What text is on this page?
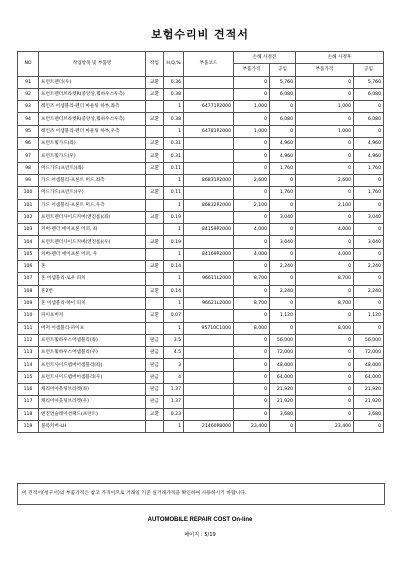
보험수리비 견적서
NO	작업항목 및 부품명	작업	H,Q,%	부품코드	손해 사정전		손해 사정후	
					부품가격	공임	부품가격	공임
91	프런트펜더(우)	교환	0.36		0	5,760	0	5,760
92	프런트펜더브라켓R(중앙상,휠하우스우측)	교환	0.38		0	6,080	0	6,080
93	레인즈 어셈블리-펜더 마운팅 하부,좌측		1	64771P2000	1,000	0	1,000	0
94	프런트펜더브라켓R(중앙상,휠하우스우측)	교환	0.38		0	6,080	0	6,080
95	레인즈 어셈블리-펜더 마운팅 하부,우측		1	64781P2000	1,000	0	1,000	0
96	프런트휠가드(좌)	교환	0.31		0	4,960	0	4,960
97	프런트휠가드(우)	교환	0.31		0	4,960	0	4,960
98	머드가드(프런트)(좌)	교환	0.11		0	1,760	0	1,760
99	가드 어셈블리-프론트 머드,좌측		1	86831P2000	2,600	0	2,600	0
100	머드가드(프런트)(우)	교환	0.11		0	1,760	0	1,760
101	가드 어셈블리-프론트 머드,우측		1	86832P2000	2,100	0	2,100	0
102	프런트펜더사이드커버(앤진룸)(좌)	교환	0.19		0	3,040	0	3,040
103	커버-펜더 에이프론 어퍼, 좌		1	84159P2000	4,000	0	4,000	0
104	프런트펜더사이드커버(앤진룸)(우)	교환	0.19		0	3,040	0	3,040
105	커버-펜더 에이프론 어퍼, 우		1	84169P2000	4,000	0	4,000	0
106	혼	교환	0.14		0	2,240	0	2,240
107	혼 어셈블리-로우 피치		1	96611L2000	8,700	0	8,700	0
108	혼2번	교환	0.14		0	2,240	0	2,240
109	혼 어셈블리-하이 피치		1	96621L2000	8,700	0	8,700	0
110	파이프버져	교환	0.07		0	1,120	0	1,120
111	버저 어셈블리-파이프		1	95710C1000	8,000	0	8,000	0
112	프런트휠하우스어셈블리(좌)	판금	3.5		0	56,000	0	56,000
113	프런트휠하우스어셈블리(우)	판금	4.5		0	72,000	0	72,000
114	프런트사이드멤버어셈블리(좌)	판금	3		0	48,000	0	48,000
115	프런트사이드멤버어셈블리(우)	판금	4		0	64,000	0	64,000
116	캐리어아웃팅브라켓(좌)	판금	1.37		0	21,920	0	21,920
117	캐리어아웃팅브라켓(우)	판금	1.37		0	21,920	0	21,920
118	엔진언슬레이션패드(프런트)	교환	0.23		0	3,680	0	3,680
119	블록커버-LH		1	21460P8000	23,400	0	23,400	0
이 견적서(청구서)의 부품가격은 참고 가격이므로 거래일 기준 실거래가격을 확인하여 사용하시기 바랍니다.
AUTOMOBILE REPAIR COST On-line
페이지 : 5/19
